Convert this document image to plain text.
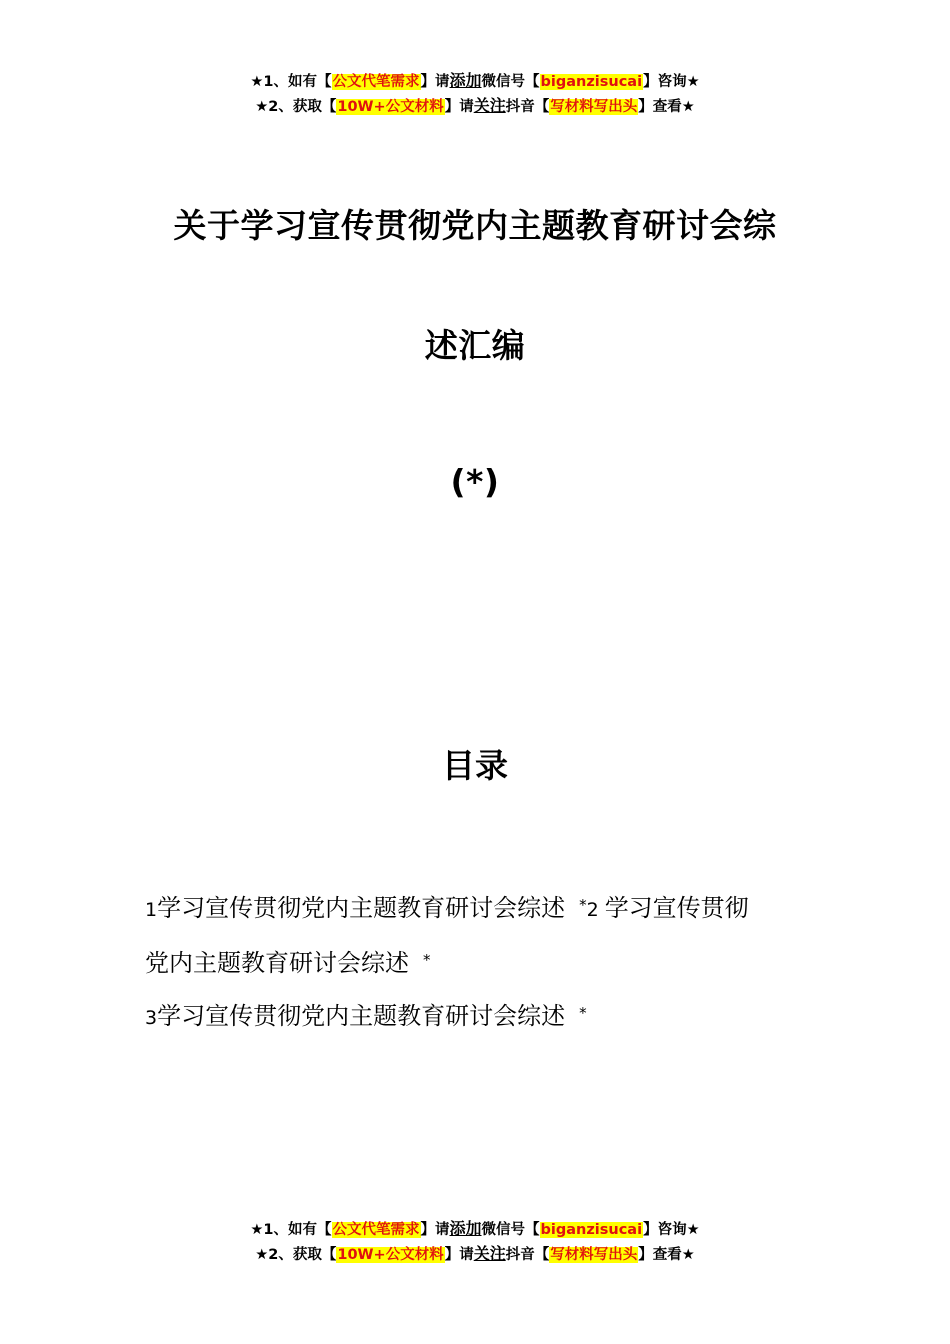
★1、如有【公文代笔需求】请添加微信号【biganzisucai】咨询★
★2、获取【10W+公文材料】请关注抖音【写材料写出头】查看★
关于学习宣传贯彻党内主题教育研讨会综
述汇编
(*)
目录
1学习宣传贯彻党内主题教育研讨会综述 *2 学习宣传贯彻
党内主题教育研讨会综述 *
3学习宣传贯彻党内主题教育研讨会综述 *
★1、如有【公文代笔需求】请添加微信号【biganzisucai】咨询★
★2、获取【10W+公文材料】请关注抖音【写材料写出头】查看★
